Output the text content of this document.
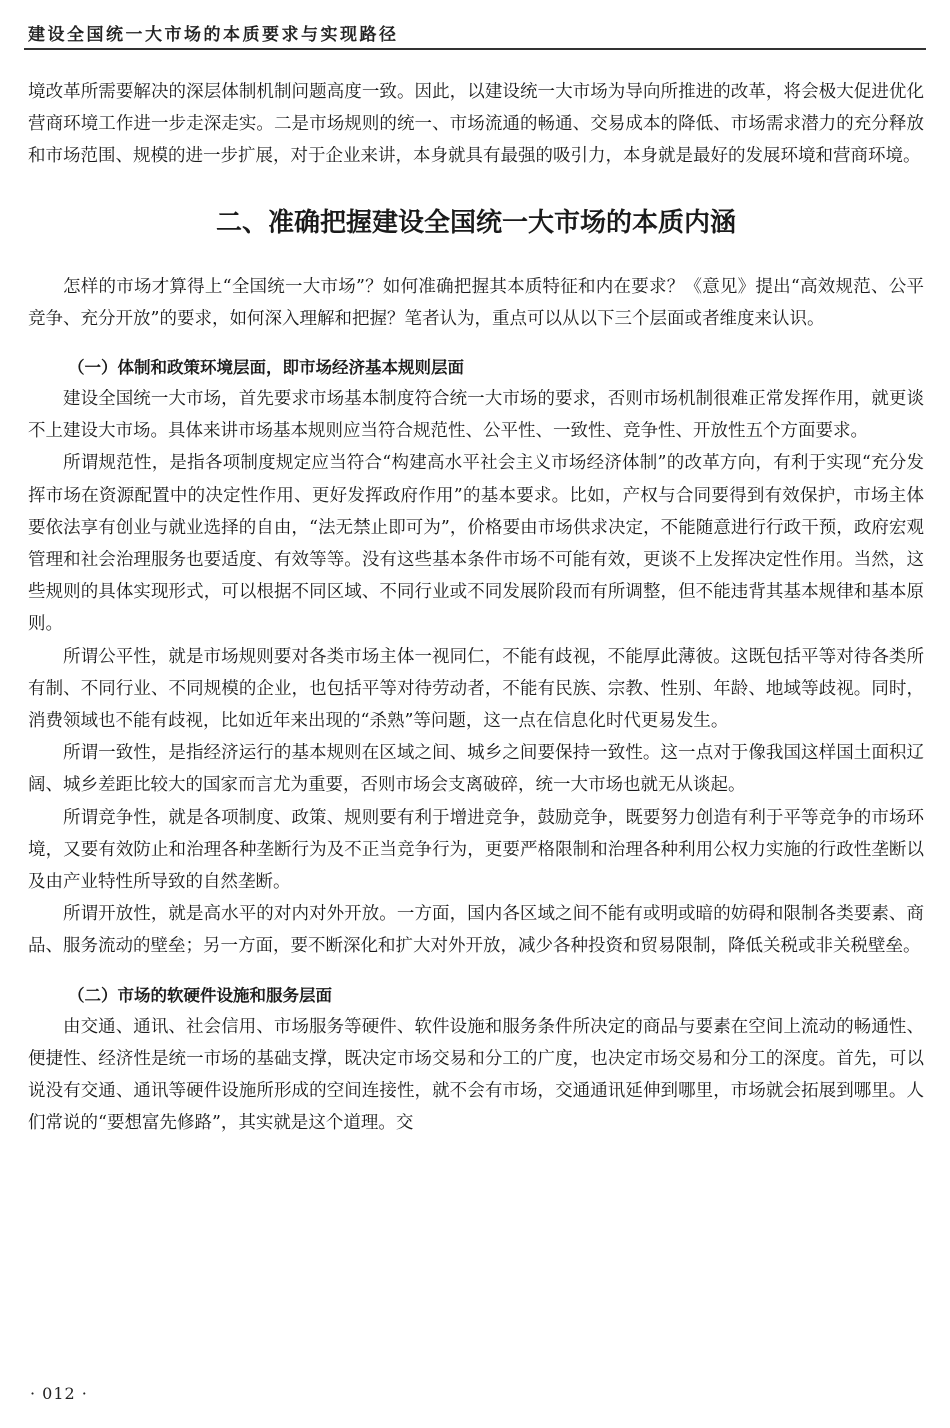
建设全国统一大市场的本质要求与实现路径

境改革所需要解决的深层体制机制问题高度一致。因此，以建设统一大市场为导向所推进的改革，将会极大促进优化营商环境工作进一步走深走实。二是市场规则的统一、市场流通的畅通、交易成本的降低、市场需求潜力的充分释放和市场范围、规模的进一步扩展，对于企业来讲，本身就具有最强的吸引力，本身就是最好的发展环境和营商环境。

二、准确把握建设全国统一大市场的本质内涵

怎样的市场才算得上“全国统一大市场”？如何准确把握其本质特征和内在要求？《意见》提出“高效规范、公平竞争、充分开放”的要求，如何深入理解和把握？笔者认为，重点可以从以下三个层面或者维度来认识。

（一）体制和政策环境层面，即市场经济基本规则层面

建设全国统一大市场，首先要求市场基本制度符合统一大市场的要求，否则市场机制很难正常发挥作用，就更谈不上建设大市场。具体来讲市场基本规则应当符合规范性、公平性、一致性、竞争性、开放性五个方面要求。

所谓规范性，是指各项制度规定应当符合“构建高水平社会主义市场经济体制”的改革方向，有利于实现“充分发挥市场在资源配置中的决定性作用、更好发挥政府作用”的基本要求。比如，产权与合同要得到有效保护，市场主体要依法享有创业与就业选择的自由，“法无禁止即可为”，价格要由市场供求决定，不能随意进行行政干预，政府宏观管理和社会治理服务也要适度、有效等等。没有这些基本条件市场不可能有效，更谈不上发挥决定性作用。当然，这些规则的具体实现形式，可以根据不同区域、不同行业或不同发展阶段而有所调整，但不能违背其基本规律和基本原则。

所谓公平性，就是市场规则要对各类市场主体一视同仁，不能有歧视，不能厚此薄彼。这既包括平等对待各类所有制、不同行业、不同规模的企业，也包括平等对待劳动者，不能有民族、宗教、性别、年龄、地域等歧视。同时，消费领域也不能有歧视，比如近年来出现的“杀熟”等问题，这一点在信息化时代更易发生。

所谓一致性，是指经济运行的基本规则在区域之间、城乡之间要保持一致性。这一点对于像我国这样国土面积辽阔、城乡差距比较大的国家而言尤为重要，否则市场会支离破碎，统一大市场也就无从谈起。

所谓竞争性，就是各项制度、政策、规则要有利于增进竞争，鼓励竞争，既要努力创造有利于平等竞争的市场环境，又要有效防止和治理各种垄断行为及不正当竞争行为，更要严格限制和治理各种利用公权力实施的行政性垄断以及由产业特性所导致的自然垄断。

所谓开放性，就是高水平的对内对外开放。一方面，国内各区域之间不能有或明或暗的妨碍和限制各类要素、商品、服务流动的壁垒；另一方面，要不断深化和扩大对外开放，减少各种投资和贸易限制，降低关税或非关税壁垒。

（二）市场的软硬件设施和服务层面

由交通、通讯、社会信用、市场服务等硬件、软件设施和服务条件所决定的商品与要素在空间上流动的畅通性、便捷性、经济性是统一市场的基础支撑，既决定市场交易和分工的广度，也决定市场交易和分工的深度。首先，可以说没有交通、通讯等硬件设施所形成的空间连接性，就不会有市场，交通通讯延伸到哪里，市场就会拓展到哪里。人们常说的“要想富先修路”，其实就是这个道理。交

· 012 ·
